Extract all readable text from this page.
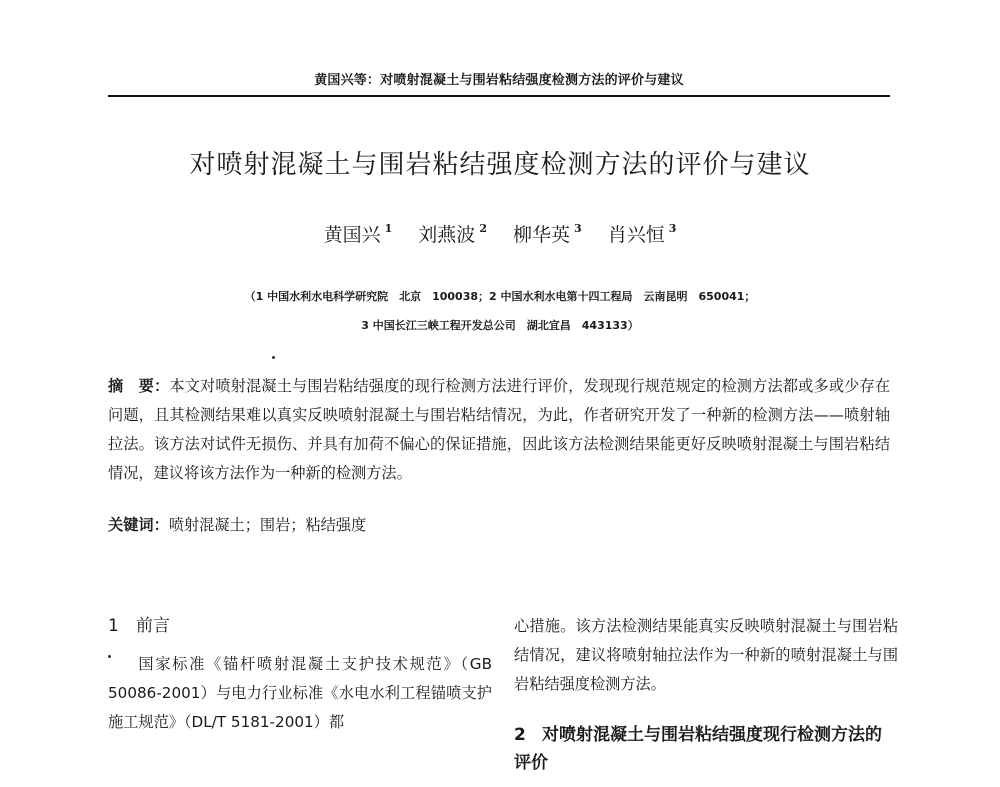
黄国兴等：对喷射混凝土与围岩粘结强度检测方法的评价与建议
对喷射混凝土与围岩粘结强度检测方法的评价与建议
黄国兴 $^1$ 刘燕波 $^2$ 柳华英 $^3$ 肖兴恒 $^3$
（1 中国水利水电科学研究院　北京　100038；2 中国水利水电第十四工程局　云南昆明　650041；
3 中国长江三峡工程开发总公司　湖北宜昌　443133）
摘　要：本文对喷射混凝土与围岩粘结强度的现行检测方法进行评价，发现现行规范规定的检测方法都或多或少存在问题，且其检测结果难以真实反映喷射混凝土与围岩粘结情况，为此，作者研究开发了一种新的检测方法——喷射轴拉法。该方法对试件无损伤、并具有加荷不偏心的保证措施，因此该方法检测结果能更好反映喷射混凝土与围岩粘结情况，建议将该方法作为一种新的检测方法。
关键词：喷射混凝土；围岩；粘结强度
1 前言

国家标准《锚杆喷射混凝土支护技术规范》（GB 50086-2001）与电力行业标准《水电水利工程锚喷支护施工规范》（DL/T 5181-2001）都

心措施。该方法检测结果能真实反映喷射混凝土与围岩粘结情况，建议将喷射轴拉法作为一种新的喷射混凝土与围岩粘结强度检测方法。

2 对喷射混凝土与围岩粘结强度现行检测方法的评价
